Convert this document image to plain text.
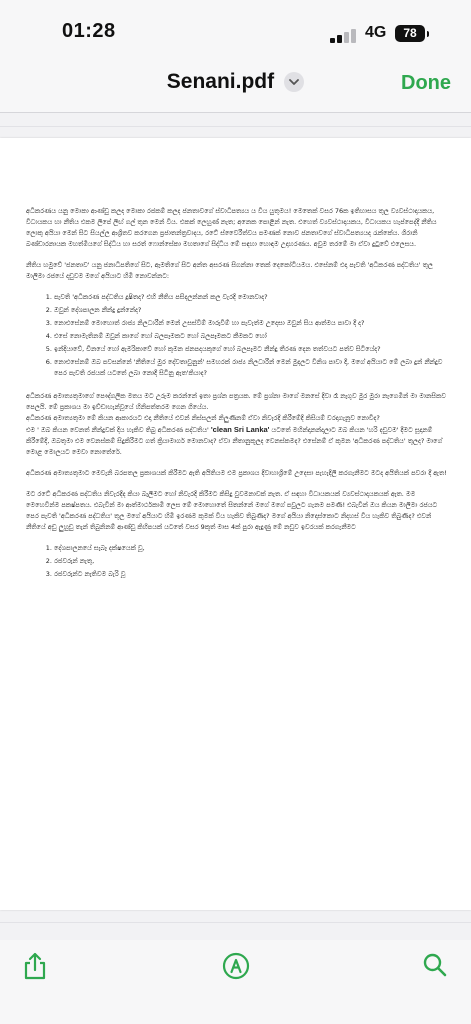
01:28	4G	78
Senani.pdf	Done

අධිකරණය යනු මොකා ආණ්ඩු කලද මොකා රජකම් කලද ජනතාවගේ ස්වාධීපත්‍යය ය විය යුතුමය! මෙතෙක් වසර 76ක ඉතිහාසය තුල ව්‍යවස්ථාදායකය, විධායකය හා නීතිය එකම ලිපේ ලිඟ් ගල් තුන මෙන් විය. එකක් ලෙහුණ් නැත; අනෙක පොළීන් නැත. එහෙත් ව්‍යවස්ථාදායකය, විධායකය හැප්පෙද්දී නීතිය ලොකු අයියා මෙන් සිට සියල්ල ආශ්‍රිතව කරගෙන ප්‍රජාතන්ත්‍රවාදය, රටේ ස්වෛරීත්වය පමණක් නොව ජනතාවගේ ස්වාධීපත්‍යයද රැක්කේය. ශිරානි බණ්ඩාරනායක මහත්මියගේ සිද්ධිය හා සරත් ෆොන්සේකා මහතාගේ සිද්ධිය මේ සඳහා හොඳම උදාහරණය. අවුම තරමේ මා ඒවා දුටුවේ එලෙසය.

නීතිය හමුවේ 'ජනතාව' යනු ජනාධිපතිගේ සිට, ඇමතිගේ සිට අන්ත අසරණ සිගන්නා තෙක් දෙකෝටියමය. එසේනම් එදා පැවති 'අධිකරණ පද්ධතිය' තුල මාලිමා රජයේ දඩුවම මගේ අයියාට හිමි නොවන්නට:

1. පැවති 'අධිකරණ පද්ධතිය දූෂිතද? එහි නීතිය පසිදලන්නන් කල වැරදි මොනවාද?
2. ඔවුන් දේශපාලන නීන්දු දුන්නේද?
3. නොඑසේනම් මොහොත් රාජ්‍ය නිලධාරීන් මෙන් උසස්වීම් මාරුවීම් හා පැවැත්ම උදෙසා ඔවුන් සිය ආත්මය පාවා දී ද?
4. එසේ නොමැතිනම් ඔවුන් කාගේ හෝ බලපෑමකට හෝ බලපෑමකට කීමකට හෝ
5. ඉන්දියාවේ, චීනයේ හෝ ඇමරිකාවේ හෝ කුමන ජනපදයකුගේ හෝ බලපෑමට නීන්දු තීරණ දෙන තත්වයට පත්ව සිටියේද?
6. නොඑසේනම් ඔබ පවසන්නේ 'නීතියේ මුර දේවතාවුනුන්' සමහරක් රාජ්‍ය නිලධාරීන් මෙන් මුදලට විනිශ පාවා දී, මගේ අයියාට මේ ලබා දුන් නීන්දුව පෙර පැවති රජයක් යටතේ ලබා නොදී සිටිනු ඇත'කියාද?

අධිකරණ අමාත්‍යතුමාගේ පෞද්ගලික මතය මට උරුම කරන්නේ ඉතා ප්‍රශ්න පත්‍රයක. මේ ප්‍රශ්නා මාගේ මනසේ දිවා රෑ නැගුව මුර මුරා නැගෙමින් මා මානසිකව පෙලයි. මේ ප්‍රකාශය මා ඉව්ඩාහැන්වූයේ හිනිපත්තරම ගෙන ගියේය.
අධිකරණ අමාත්‍යතුමා මේ කියන ආකාරයට එදා නීතියේ එවන් නිස්සලන් නිලුණිනම් ඒවා නිවැරදි කිරීමේදි කිසියම් වරදාගැනූව නොවීද?
එම ' ඔබ කියන වෙනත් නීන්දුවක් දිය හැකිව තිබු අධිකරණ පද්ධතිය' 'clean Sri Lanka' යටතේ මහින්දානන්දලාට ඔබ කියන 'හරි දඩුවම' දීමට සූදානම් කිරීමේදී, ඔබතුමා එම වෙනස්කම් සිදුකිරීමට ගත් ක්‍රියාමාර්ග මොනවාද? ඒවා නීතානුකූලද වෙනස්කමද? එසේනම් ඒ කුමන 'අධිකරණ පද්ධතිය' තුලද? මාගේ මොළ මොලයට මෙවා නොතේරේ.

අධිකරණ අමාත්‍යතුමාට මෙවැනි බරපතල ප්‍රකාශයක් කිරීමට ඇති අයිතියම එම ප්‍රකාශය දිවාහාශ්‍රිමේ උදෙසා පැහැදිලි කරගැනීමට මටද අයිතියක් පවරා දී ඇත!

මට රටේ අධිකරණ පද්ධතිය නිවැරදිද කියා බැලීමට හෝ නිවැරදි කිරීමට කිසිදු වුවමනාවක් නැත. ඒ සඳහා විධායකයක් ව්‍යවස්ථාදායකයක් ඇත. මම මෙහෙවින්ම පකෂ්පතය. එබැවින් මා ආත්මාර්ථකාමී ලෙස මේ මොහොතේ සිතන්නේ මගේ මගේ පවුලට ගැනම පමණි! එබැවින් ඔය කියන මාලිමා රජයට පෙර පැවති 'අධිකරණ පද්ධතිය' තුල මගේ අයියාට හිමි ඉරණම කුමක් විය හැකිව තිබුණිද? මගේ අයියා නිදොස්කොට නිදහස් විය හැකිව තිබුණිද? එවන් නීතියේ අඩු ලුහුඩු තැන් තිබුනිනම් ආණ්ඩු කිහිපයක් යටතේ වසර 9කුත් මාස 4ක් පුරා ඇදුණු මේ නඩුව ඉවරයක් කරගැනීමට

1. දේශපාලනයේ සැබෑ දක්ෂයෙක් වූ,
2. රජවරුන් නැතු,
3. රජවරුන්ට නැතිවම බැරි වූ
